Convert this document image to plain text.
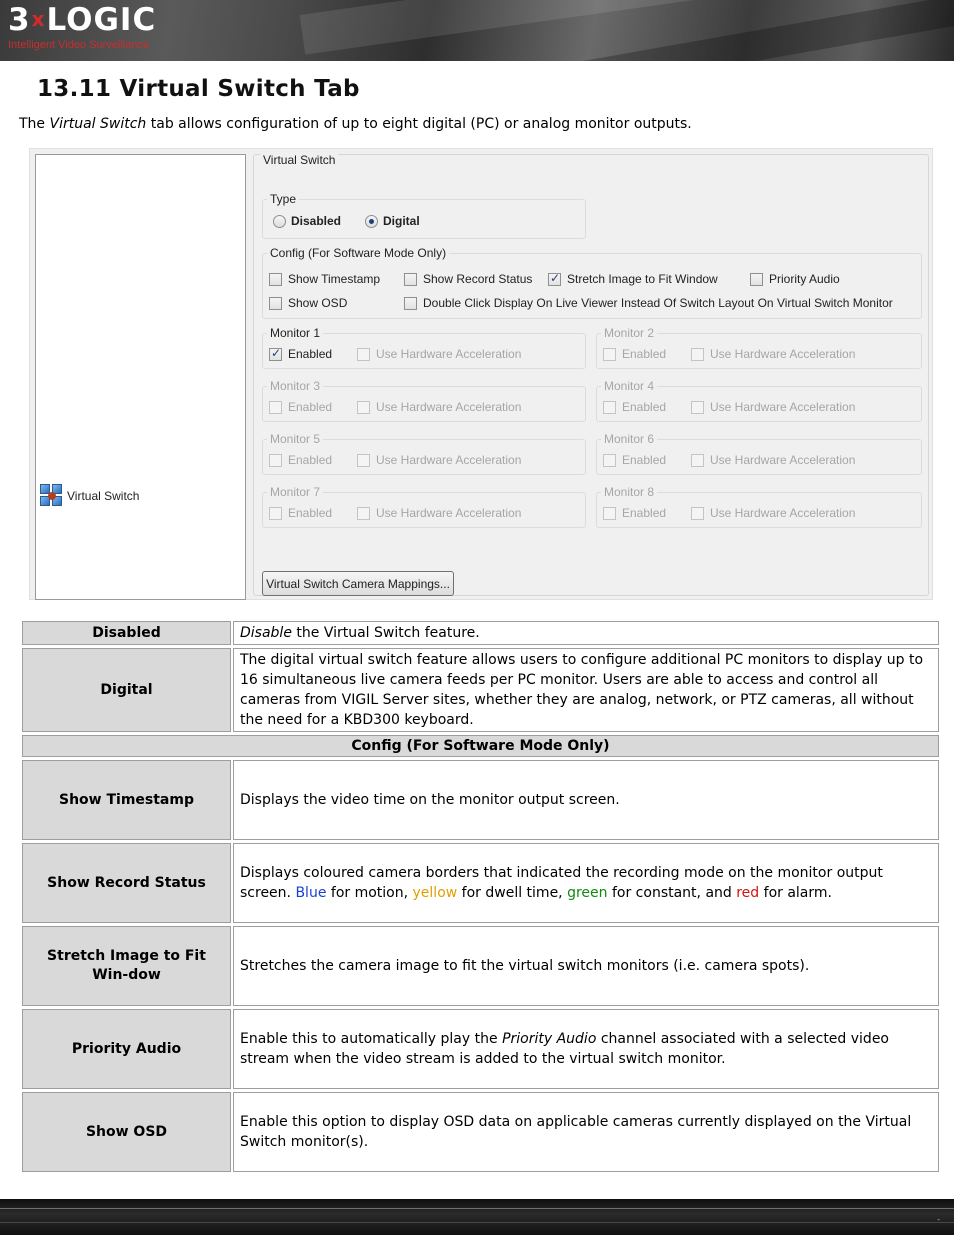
3xLOGIC
Intelligent Video Surveillance
13.11 Virtual Switch Tab
The Virtual Switch tab allows configuration of up to eight digital (PC) or analog monitor outputs.
Virtual Switch
Virtual Switch
Type
Disabled	Digital
Config (For Software Mode Only)
Show Timestamp	Show Record Status ✓	Stretch Image to Fit Window	Priority Audio
Show OSD	Double Click Display On Live Viewer Instead Of Switch Layout On Virtual Switch Monitor
Monitor 1
✓
Enabled	Use Hardware Acceleration
Monitor 2
Enabled	Use Hardware Acceleration
Monitor 3
Enabled	Use Hardware Acceleration
Monitor 4
Enabled	Use Hardware Acceleration
Monitor 5
Enabled	Use Hardware Acceleration
Monitor 6
Enabled	Use Hardware Acceleration
Monitor 7
Enabled	Use Hardware Acceleration
Monitor 8
Enabled	Use Hardware Acceleration
Virtual Switch Camera Mappings...
Disabled	Disable the Virtual Switch feature.
Digital	The digital virtual switch feature allows users to configure additional PC monitors to display up to 16 simultaneous live camera feeds per PC monitor. Users are able to access and control all cameras from VIGIL Server sites, whether they are analog, network, or PTZ cameras, all without the need for a KBD300 keyboard.
Config (For Software Mode Only)	
Show Timestamp	Displays the video time on the monitor output screen.
Show Record Status	Displays coloured camera borders that indicated the recording mode on the monitor output screen. Blue for motion, yellow for dwell time, green for constant, and red for alarm.
Stretch Image to Fit Win-dow	Stretches the camera image to fit the virtual switch monitors (i.e. camera spots).
Priority Audio	Enable this to automatically play the Priority Audio channel associated with a selected video stream when the video stream is added to the virtual switch monitor.
Show OSD	Enable this option to display OSD data on applicable cameras currently displayed on the Virtual Switch monitor(s).
-
